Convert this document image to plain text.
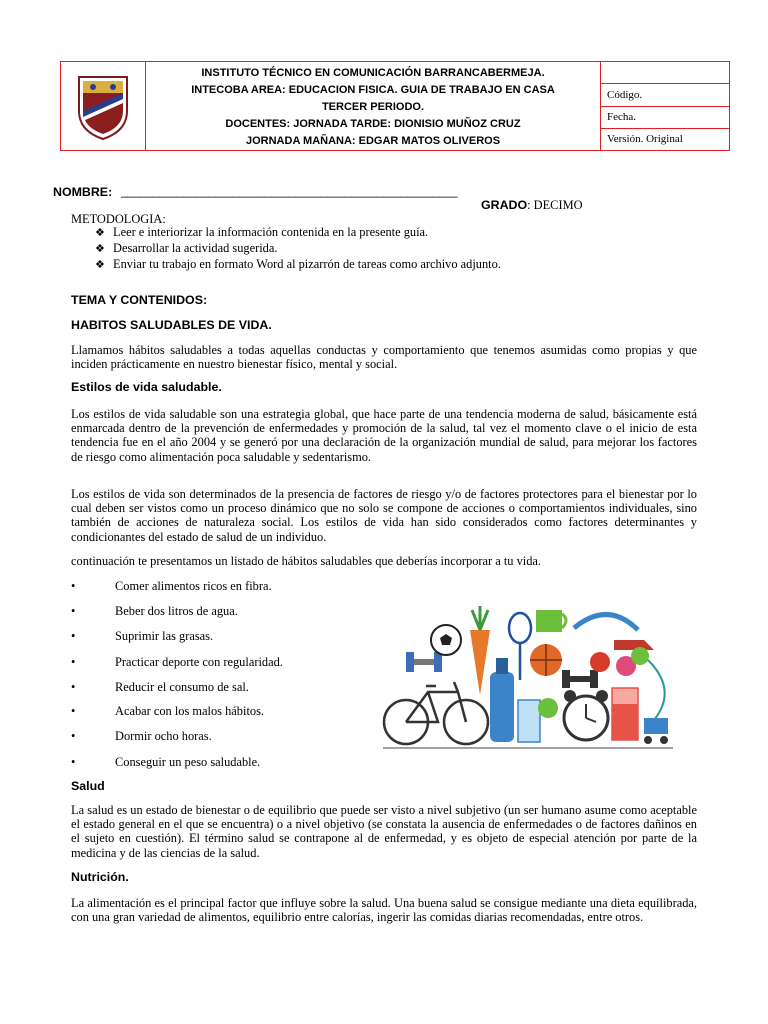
INSTITUTO TÉCNICO EN COMUNICACIÓN BARRANCABERMEJA.
INTECOBA AREA: EDUCACION FISICA. GUIA DE TRABAJO EN CASA
TERCER PERIODO.
DOCENTES: JORNADA TARDE: DIONISIO MUÑOZ CRUZ
JORNADA MAÑANA: EDGAR MATOS OLIVEROS
Código.
Fecha.
Versión. Original
NOMBRE: ______________________________________________________
GRADO: DECIMO
METODOLOGIA:
❖ Leer e interiorizar la información contenida en la presente guía.
❖ Desarrollar la actividad sugerida.
❖ Enviar tu trabajo en formato Word al pizarrón de tareas como archivo adjunto.
TEMA Y CONTENIDOS:
HABITOS SALUDABLES DE VIDA.
Llamamos hábitos saludables a todas aquellas conductas y comportamiento que tenemos asumidas como propias y que inciden prácticamente en nuestro bienestar físico, mental y social.
Estilos de vida saludable.
Los estilos de vida saludable son una estrategia global, que hace parte de una tendencia moderna de salud, básicamente está enmarcada dentro de la prevención de enfermedades y promoción de la salud, tal vez el momento clave o el inicio de esta tendencia fue en el año 2004 y se generó por una declaración de la organización mundial de salud, para mejorar los factores de riesgo como alimentación poca saludable y sedentarismo.
Los estilos de vida son determinados de la presencia de factores de riesgo y/o de factores protectores para el bienestar por lo cual deben ser vistos como un proceso dinámico que no solo se compone de acciones o comportamientos individuales, sino también de acciones de naturaleza social. Los estilos de vida han sido considerados como factores determinantes y condicionantes del estado de salud de un individuo.
continuación te presentamos un listado de hábitos saludables que deberías incorporar a tu vida.
•	Comer alimentos ricos en fibra.
•	Beber dos litros de agua.
•	Suprimir las grasas.
•	Practicar deporte con regularidad.
•	Reducir el consumo de sal.
•	Acabar con los malos hábitos.
•	Dormir ocho horas.
•	Conseguir un peso saludable.
Salud
La salud es un estado de bienestar o de equilibrio que puede ser visto a nivel subjetivo (un ser humano asume como aceptable el estado general en el que se encuentra) o a nivel objetivo (se constata la ausencia de enfermedades o de factores dañinos en el sujeto en cuestión). El término salud se contrapone al de enfermedad, y es objeto de especial atención por parte de la medicina y de las ciencias de la salud.
Nutrición.
La alimentación es el principal factor que influye sobre la salud. Una buena salud se consigue mediante una dieta equilibrada, con una gran variedad de alimentos, equilibrio entre calorías, ingerir las comidas diarias recomendadas, entre otros.
